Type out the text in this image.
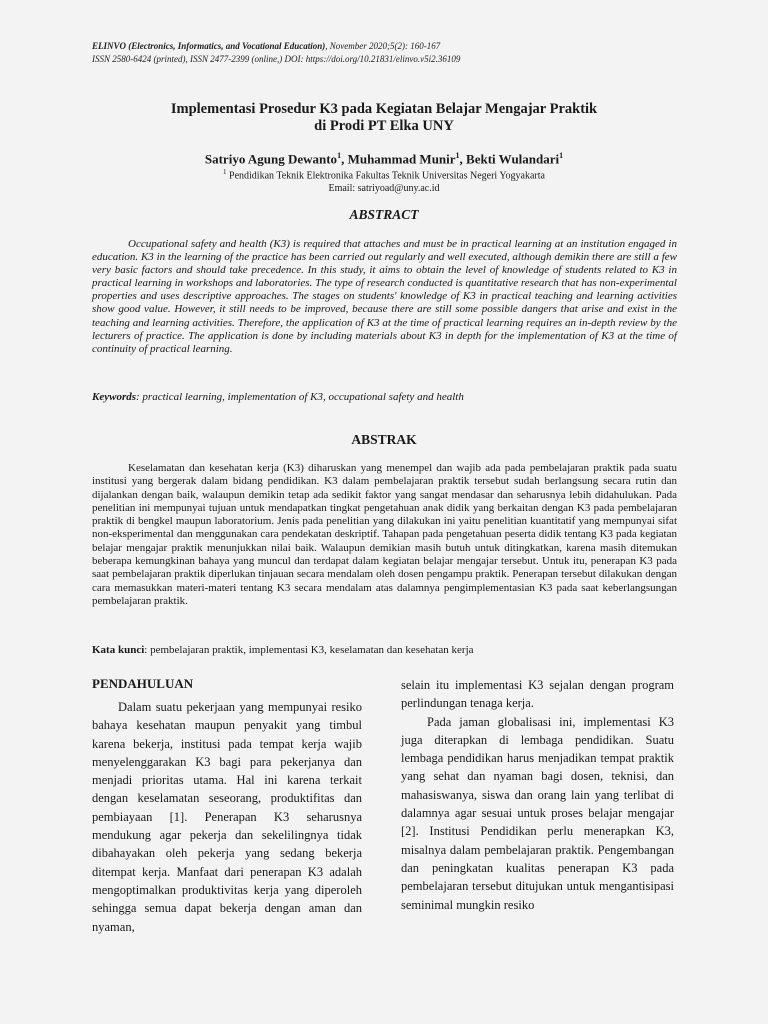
ELINVO (Electronics, Informatics, and Vocational Education), November 2020;5(2): 160-167
ISSN 2580-6424 (printed), ISSN 2477-2399 (online,) DOI: https://doi.org/10.21831/elinvo.v5i2.36109
Implementasi Prosedur K3 pada Kegiatan Belajar Mengajar Praktik
di Prodi PT Elka UNY
Satriyo Agung Dewanto$^1$, Muhammad Munir$^1$, Bekti Wulandari$^1$
$^1$ Pendidikan Teknik Elektronika Fakultas Teknik Universitas Negeri Yogyakarta
Email: satriyoad@uny.ac.id
ABSTRACT

Occupational safety and health (K3) is required that attaches and must be in practical learning at an institution engaged in education. K3 in the learning of the practice has been carried out regularly and well executed, although demikin there are still a few very basic factors and should take precedence. In this study, it aims to obtain the level of knowledge of students related to K3 in practical learning in workshops and laboratories. The type of research conducted is quantitative research that has non-experimental properties and uses descriptive approaches. The stages on students' knowledge of K3 in practical teaching and learning activities show good value. However, it still needs to be improved, because there are still some possible dangers that arise and exist in the teaching and learning activities. Therefore, the application of K3 at the time of practical learning requires an in-depth review by the lecturers of practice. The application is done by including materials about K3 in depth for the implementation of K3 at the time of continuity of practical learning.

Keywords: practical learning, implementation of K3, occupational safety and health
ABSTRAK

Keselamatan dan kesehatan kerja (K3) diharuskan yang menempel dan wajib ada pada pembelajaran praktik pada suatu institusi yang bergerak dalam bidang pendidikan. K3 dalam pembelajaran praktik tersebut sudah berlangsung secara rutin dan dijalankan dengan baik, walaupun demikin tetap ada sedikit faktor yang sangat mendasar dan seharusnya lebih didahulukan. Pada penelitian ini mempunyai tujuan untuk mendapatkan tingkat pengetahuan anak didik yang berkaitan dengan K3 pada pembelajaran praktik di bengkel maupun laboratorium. Jenis pada penelitian yang dilakukan ini yaitu penelitian kuantitatif yang mempunyai sifat non-eksperimental dan menggunakan cara pendekatan deskriptif. Tahapan pada pengetahuan peserta didik tentang K3 pada kegiatan belajar mengajar praktik menunjukkan nilai baik. Walaupun demikian masih butuh untuk ditingkatkan, karena masih ditemukan beberapa kemungkinan bahaya yang muncul dan terdapat dalam kegiatan belajar mengajar tersebut. Untuk itu, penerapan K3 pada saat pembelajaran praktik diperlukan tinjauan secara mendalam oleh dosen pengampu praktik. Penerapan tersebut dilakukan dengan cara memasukkan materi-materi tentang K3 secara mendalam atas dalamnya pengimplementasian K3 pada saat keberlangsungan pembelajaran praktik.

Kata kunci: pembelajaran praktik, implementasi K3, keselamatan dan kesehatan kerja
PENDAHULUAN

Dalam suatu pekerjaan yang mempunyai resiko bahaya kesehatan maupun penyakit yang timbul karena bekerja, institusi pada tempat kerja wajib menyelenggarakan K3 bagi para pekerjanya dan menjadi prioritas utama. Hal ini karena terkait dengan keselamatan seseorang, produktifitas dan pembiayaan [1]. Penerapan K3 seharusnya mendukung agar pekerja dan sekelilingnya tidak dibahayakan oleh pekerja yang sedang bekerja ditempat kerja. Manfaat dari penerapan K3 adalah mengoptimalkan produktivitas kerja yang diperoleh sehingga semua dapat bekerja dengan aman dan nyaman,

selain itu implementasi K3 sejalan dengan program perlindungan tenaga kerja.

Pada jaman globalisasi ini, implementasi K3 juga diterapkan di lembaga pendidikan. Suatu lembaga pendidikan harus menjadikan tempat praktik yang sehat dan nyaman bagi dosen, teknisi, dan mahasiswanya, siswa dan orang lain yang terlibat di dalamnya agar sesuai untuk proses belajar mengajar [2]. Institusi Pendidikan perlu menerapkan K3, misalnya dalam pembelajaran praktik. Pengembangan dan peningkatan kualitas penerapan K3 pada pembelajaran tersebut ditujukan untuk mengantisipasi seminimal mungkin resiko
